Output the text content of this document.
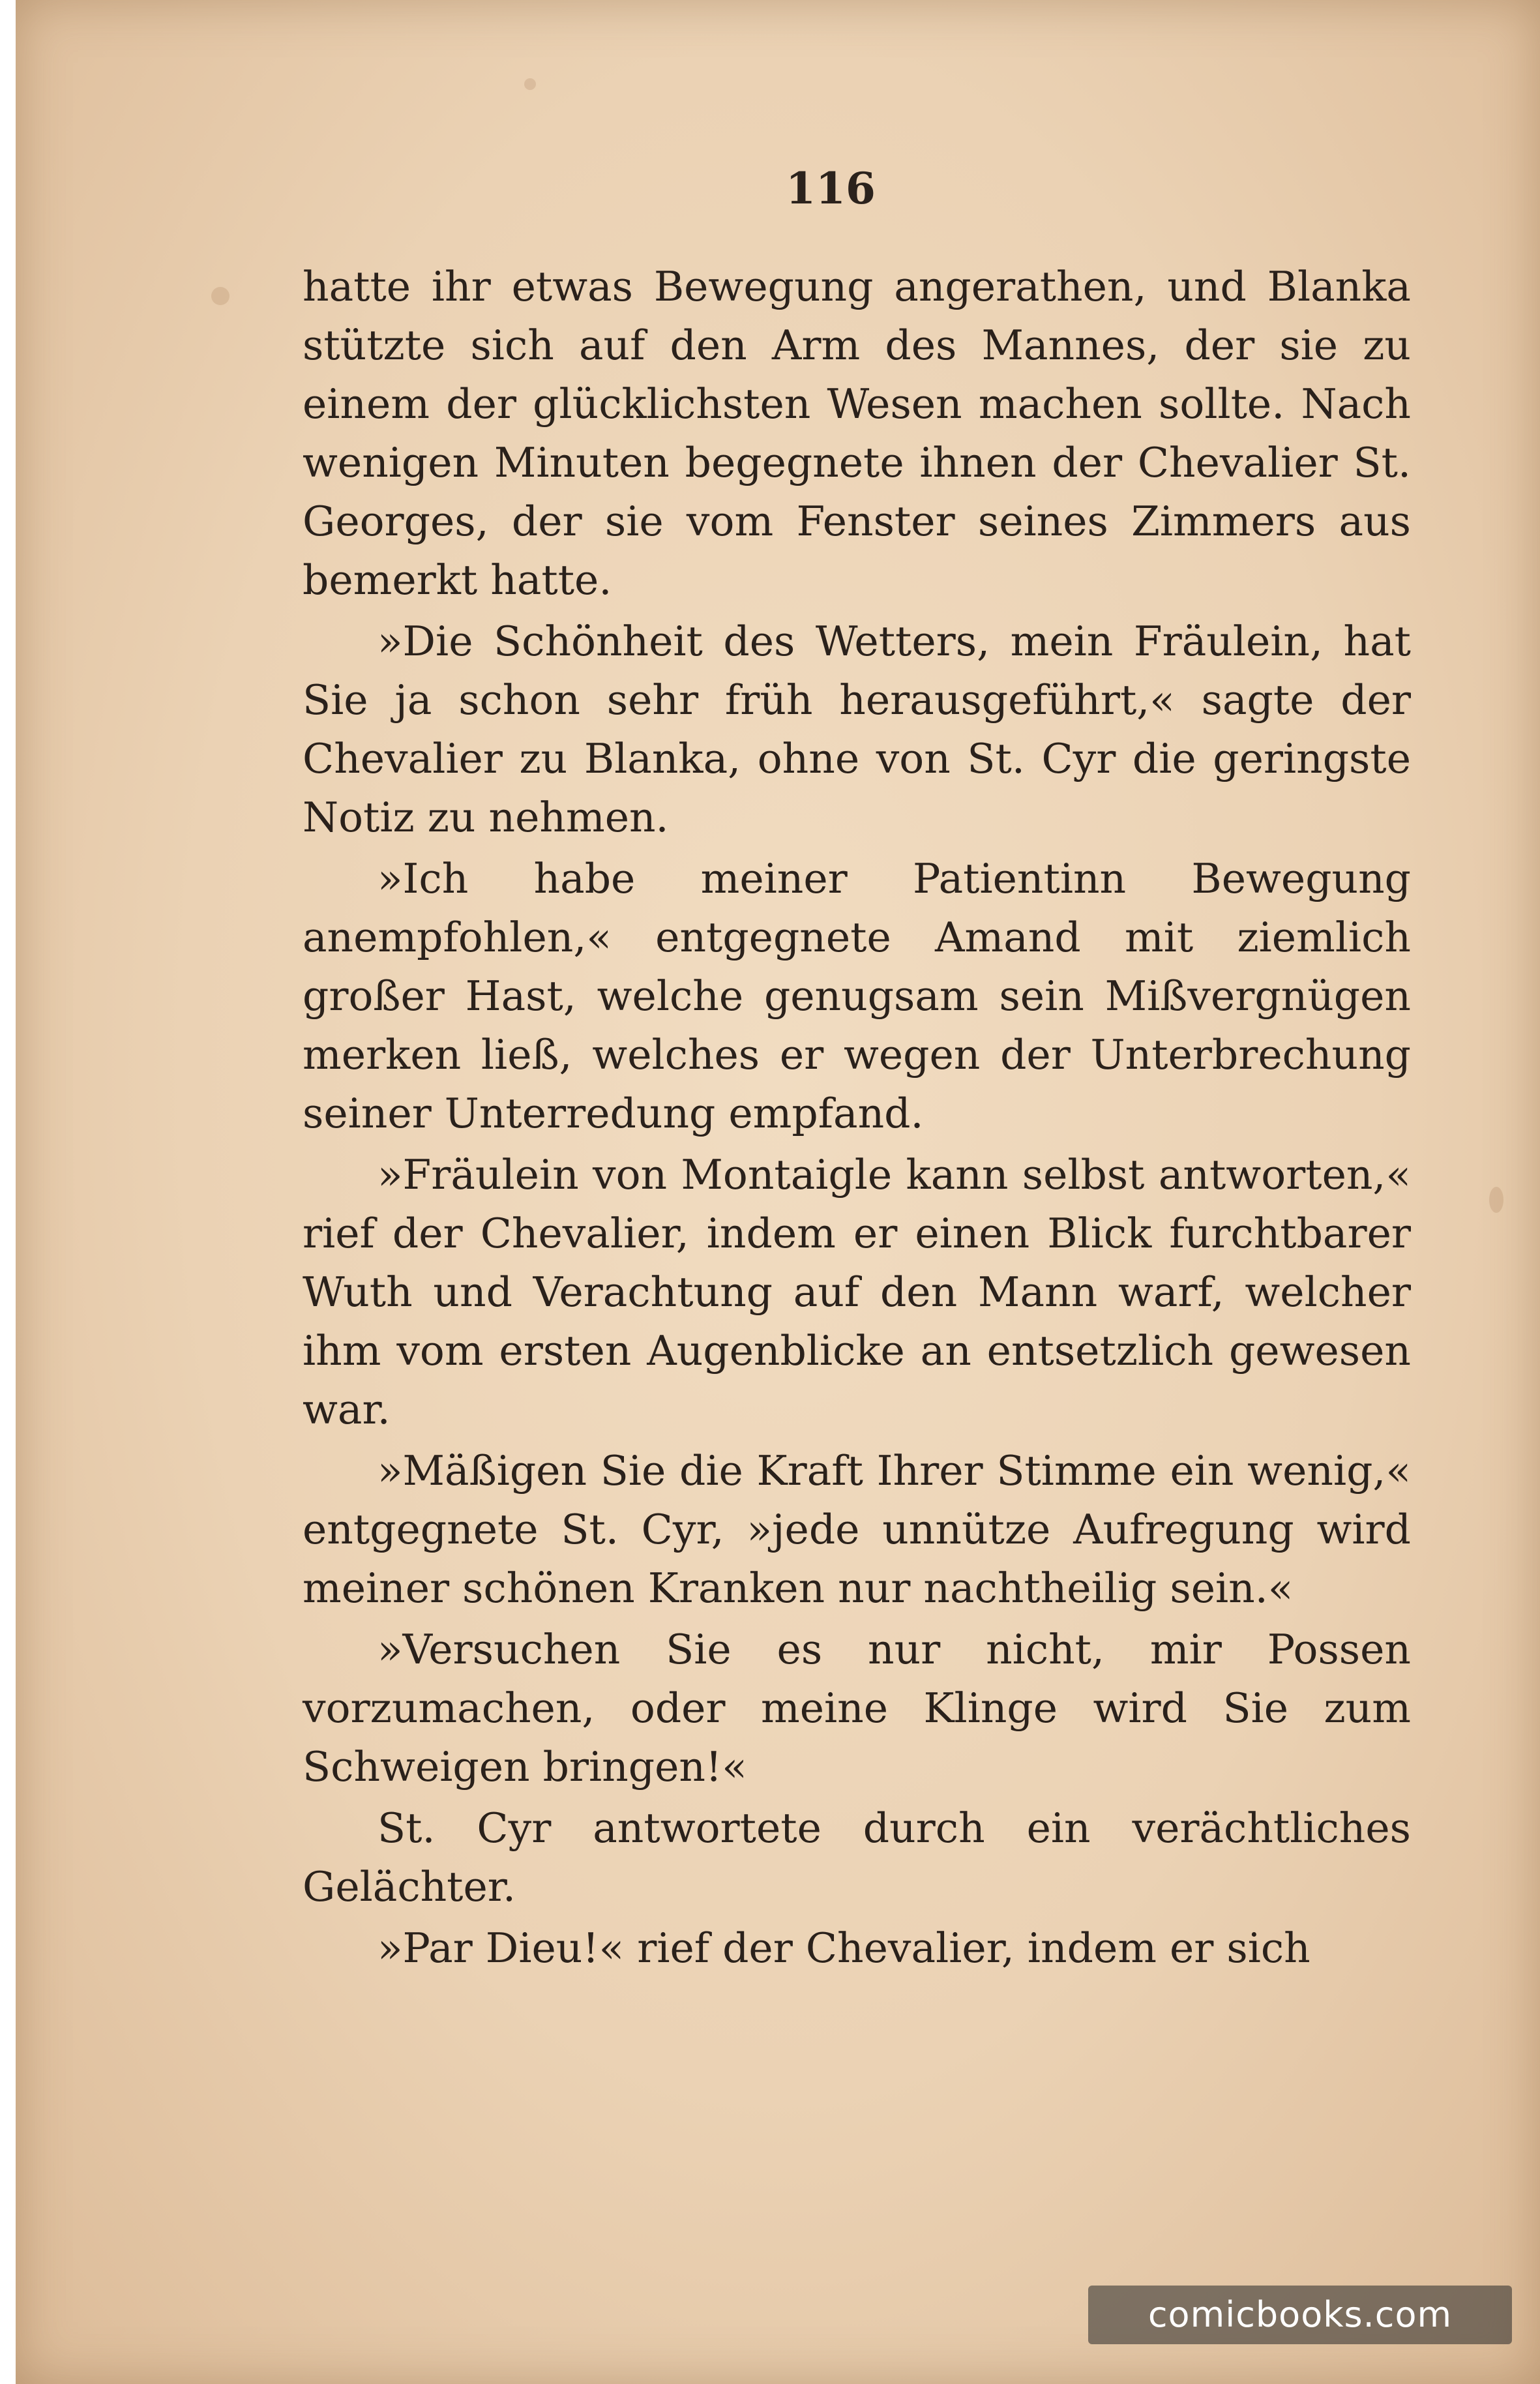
116

hatte ihr etwas Bewegung angerathen, und Blanka stützte sich auf den Arm des Mannes, der sie zu einem der glücklichsten Wesen machen sollte. Nach wenigen Minuten begegnete ihnen der Chevalier St. Georges, der sie vom Fenster seines Zimmers aus bemerkt hatte.

»Die Schönheit des Wetters, mein Fräulein, hat Sie ja schon sehr früh herausgeführt,« sagte der Chevalier zu Blanka, ohne von St. Cyr die geringste Notiz zu nehmen.

»Ich habe meiner Patientinn Bewegung anempfohlen,« entgegnete Amand mit ziemlich großer Hast, welche genugsam sein Mißvergnügen merken ließ, welches er wegen der Unterbrechung seiner Unterredung empfand.

»Fräulein von Montaigle kann selbst antworten,« rief der Chevalier, indem er einen Blick furchtbarer Wuth und Verachtung auf den Mann warf, welcher ihm vom ersten Augenblicke an entsetzlich gewesen war.

»Mäßigen Sie die Kraft Ihrer Stimme ein wenig,« entgegnete St. Cyr, »jede unnütze Aufregung wird meiner schönen Kranken nur nachtheilig sein.«

»Versuchen Sie es nur nicht, mir Possen vorzumachen, oder meine Klinge wird Sie zum Schweigen bringen!«

St. Cyr antwortete durch ein verächtliches Gelächter.

»Par Dieu!« rief der Chevalier, indem er sich

comicbooks.com
